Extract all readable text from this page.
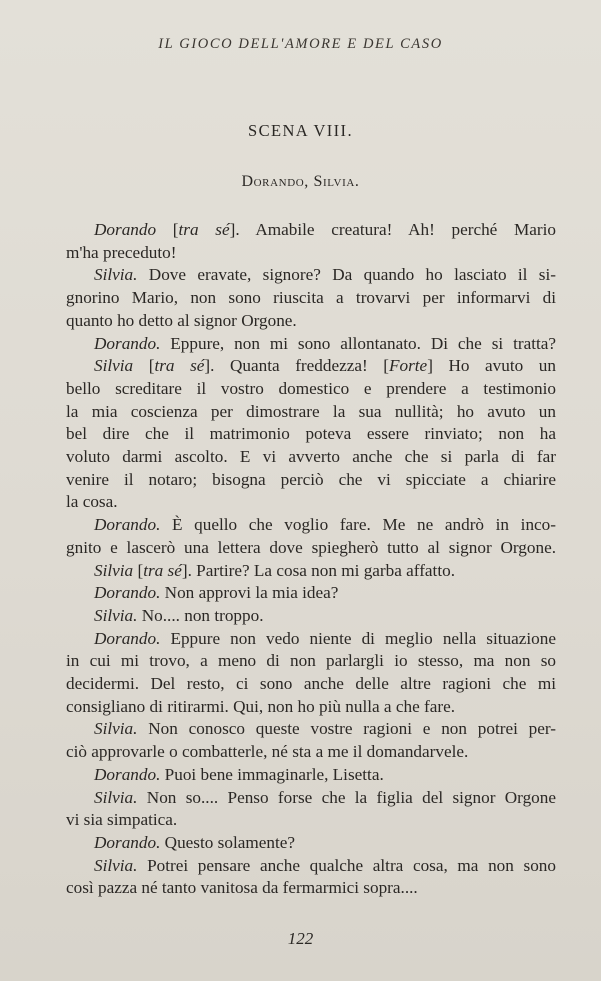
IL GIOCO DELL'AMORE E DEL CASO
SCENA VIII.
Dorando, Silvia.
Dorando [tra sé]. Amabile creatura! Ah! perché Mario
m'ha preceduto!
Silvia. Dove eravate, signore? Da quando ho lasciato il si-
gnorino Mario, non sono riuscita a trovarvi per informarvi di
quanto ho detto al signor Orgone.
Dorando. Eppure, non mi sono allontanato. Di che si tratta?
Silvia [tra sé]. Quanta freddezza! [Forte] Ho avuto un
bello screditare il vostro domestico e prendere a testimonio
la mia coscienza per dimostrare la sua nullità; ho avuto un
bel dire che il matrimonio poteva essere rinviato; non ha
voluto darmi ascolto. E vi avverto anche che si parla di far
venire il notaro; bisogna perciò che vi spicciate a chiarire
la cosa.
Dorando. È quello che voglio fare. Me ne andrò in inco-
gnito e lascerò una lettera dove spiegherò tutto al signor Orgone.
Silvia [tra sé]. Partire? La cosa non mi garba affatto.
Dorando. Non approvi la mia idea?
Silvia. No.... non troppo.
Dorando. Eppure non vedo niente di meglio nella situazione
in cui mi trovo, a meno di non parlargli io stesso, ma non so
decidermi. Del resto, ci sono anche delle altre ragioni che mi
consigliano di ritirarmi. Qui, non ho più nulla a che fare.
Silvia. Non conosco queste vostre ragioni e non potrei per-
ciò approvarle o combatterle, né sta a me il domandarvele.
Dorando. Puoi bene immaginarle, Lisetta.
Silvia. Non so.... Penso forse che la figlia del signor Orgone
vi sia simpatica.
Dorando. Questo solamente?
Silvia. Potrei pensare anche qualche altra cosa, ma non sono
così pazza né tanto vanitosa da fermarmici sopra....
122
